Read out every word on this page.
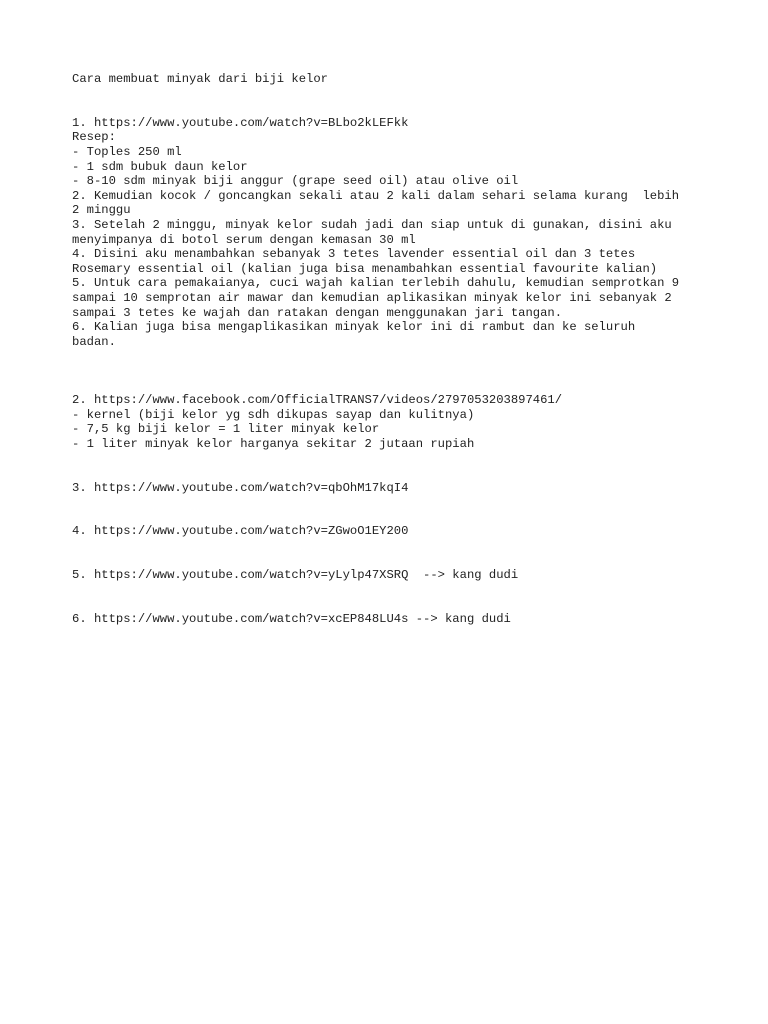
Cara membuat minyak dari biji kelor
1. https://www.youtube.com/watch?v=BLbo2kLEFkk
Resep:
- Toples 250 ml
- 1 sdm bubuk daun kelor
- 8-10 sdm minyak biji anggur (grape seed oil) atau olive oil
2. Kemudian kocok / goncangkan sekali atau 2 kali dalam sehari selama kurang  lebih
2 minggu
3. Setelah 2 minggu, minyak kelor sudah jadi dan siap untuk di gunakan, disini aku
menyimpanya di botol serum dengan kemasan 30 ml
4. Disini aku menambahkan sebanyak 3 tetes lavender essential oil dan 3 tetes
Rosemary essential oil (kalian juga bisa menambahkan essential favourite kalian)
5. Untuk cara pemakaianya, cuci wajah kalian terlebih dahulu, kemudian semprotkan 9
sampai 10 semprotan air mawar dan kemudian aplikasikan minyak kelor ini sebanyak 2
sampai 3 tetes ke wajah dan ratakan dengan menggunakan jari tangan.
6. Kalian juga bisa mengaplikasikan minyak kelor ini di rambut dan ke seluruh
badan.
2. https://www.facebook.com/OfficialTRANS7/videos/2797053203897461/
- kernel (biji kelor yg sdh dikupas sayap dan kulitnya)
- 7,5 kg biji kelor = 1 liter minyak kelor
- 1 liter minyak kelor harganya sekitar 2 jutaan rupiah
3. https://www.youtube.com/watch?v=qbOhM17kqI4
4. https://www.youtube.com/watch?v=ZGwoO1EY200
5. https://www.youtube.com/watch?v=yLylp47XSRQ  --> kang dudi
6. https://www.youtube.com/watch?v=xcEP848LU4s --> kang dudi
